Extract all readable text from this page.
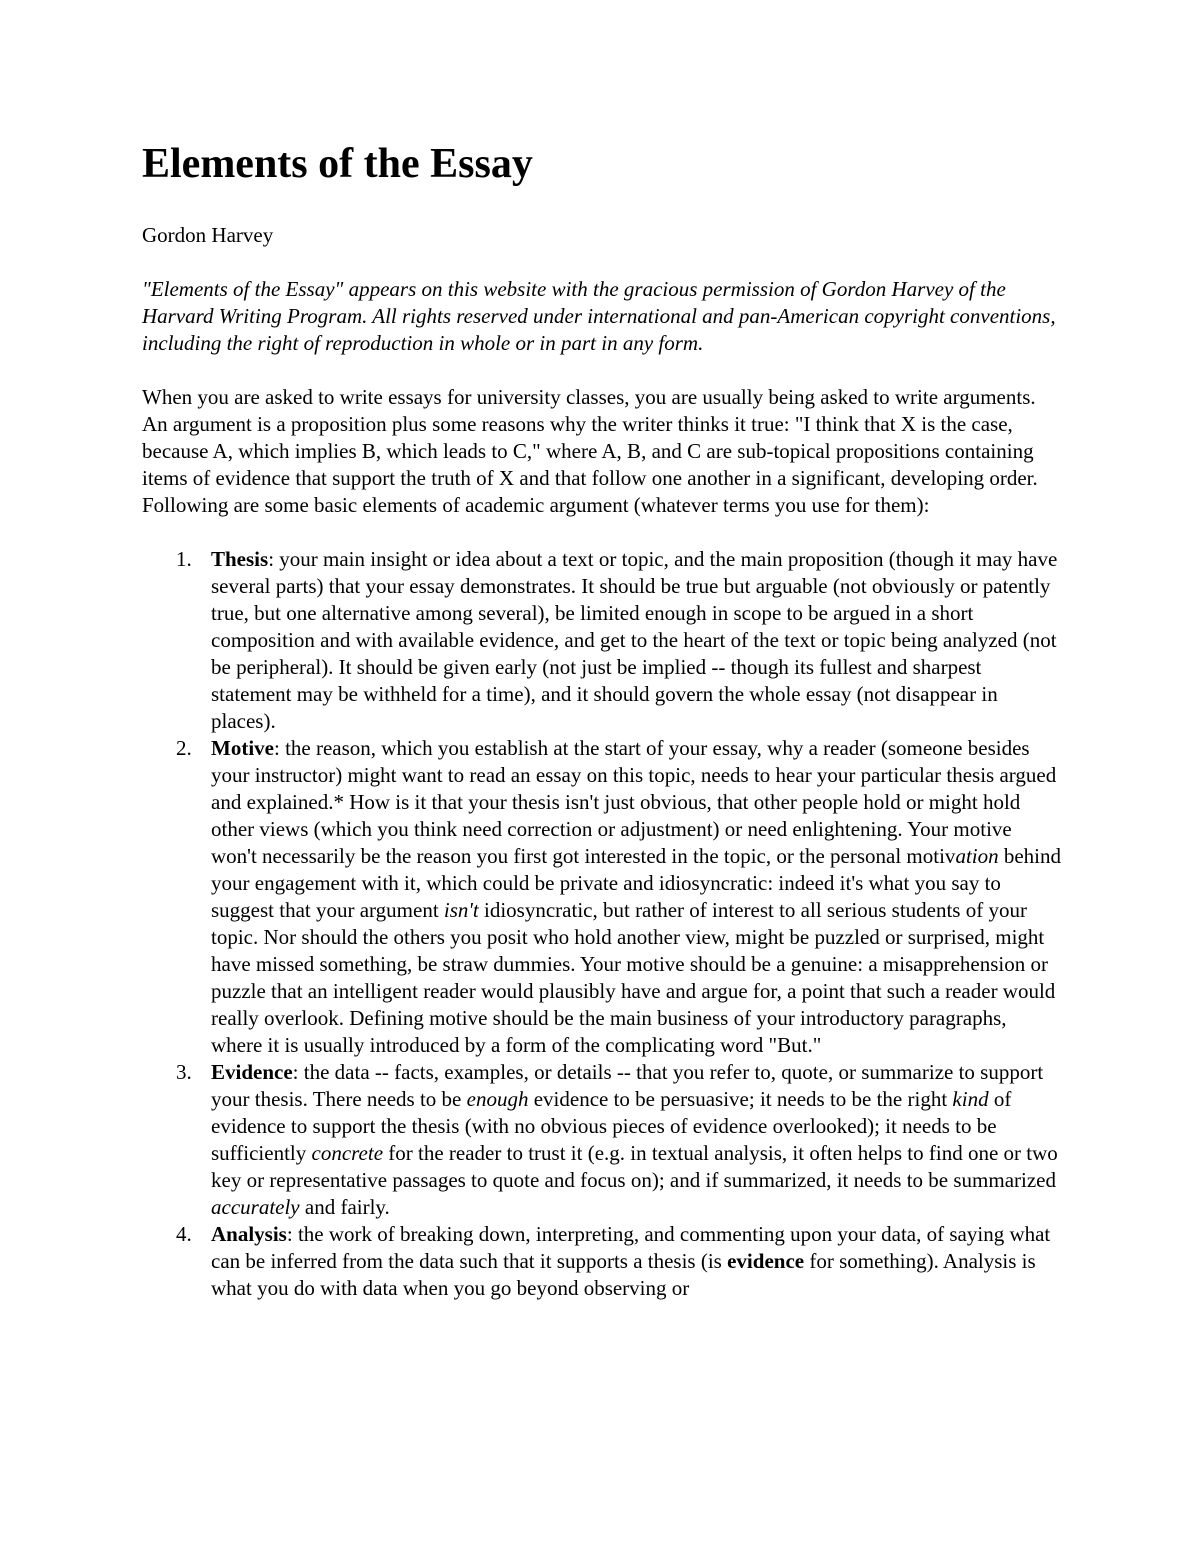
Elements of the Essay

Gordon Harvey

"Elements of the Essay" appears on this website with the gracious permission of Gordon Harvey of the Harvard Writing Program. All rights reserved under international and pan-American copyright conventions, including the right of reproduction in whole or in part in any form.

When you are asked to write essays for university classes, you are usually being asked to write arguments. An argument is a proposition plus some reasons why the writer thinks it true: "I think that X is the case, because A, which implies B, which leads to C," where A, B, and C are sub-topical propositions containing items of evidence that support the truth of X and that follow one another in a significant, developing order. Following are some basic elements of academic argument (whatever terms you use for them):

1. Thesis: your main insight or idea about a text or topic, and the main proposition (though it may have several parts) that your essay demonstrates. It should be true but arguable (not obviously or patently true, but one alternative among several), be limited enough in scope to be argued in a short composition and with available evidence, and get to the heart of the text or topic being analyzed (not be peripheral). It should be given early (not just be implied -- though its fullest and sharpest statement may be withheld for a time), and it should govern the whole essay (not disappear in places).
2. Motive: the reason, which you establish at the start of your essay, why a reader (someone besides your instructor) might want to read an essay on this topic, needs to hear your particular thesis argued and explained.* How is it that your thesis isn't just obvious, that other people hold or might hold other views (which you think need correction or adjustment) or need enlightening. Your motive won't necessarily be the reason you first got interested in the topic, or the personal motivation behind your engagement with it, which could be private and idiosyncratic: indeed it's what you say to suggest that your argument isn't idiosyncratic, but rather of interest to all serious students of your topic. Nor should the others you posit who hold another view, might be puzzled or surprised, might have missed something, be straw dummies. Your motive should be a genuine: a misapprehension or puzzle that an intelligent reader would plausibly have and argue for, a point that such a reader would really overlook. Defining motive should be the main business of your introductory paragraphs, where it is usually introduced by a form of the complicating word "But."
3. Evidence: the data -- facts, examples, or details -- that you refer to, quote, or summarize to support your thesis. There needs to be enough evidence to be persuasive; it needs to be the right kind of evidence to support the thesis (with no obvious pieces of evidence overlooked); it needs to be sufficiently concrete for the reader to trust it (e.g. in textual analysis, it often helps to find one or two key or representative passages to quote and focus on); and if summarized, it needs to be summarized accurately and fairly.
4. Analysis: the work of breaking down, interpreting, and commenting upon your data, of saying what can be inferred from the data such that it supports a thesis (is evidence for something). Analysis is what you do with data when you go beyond observing or
